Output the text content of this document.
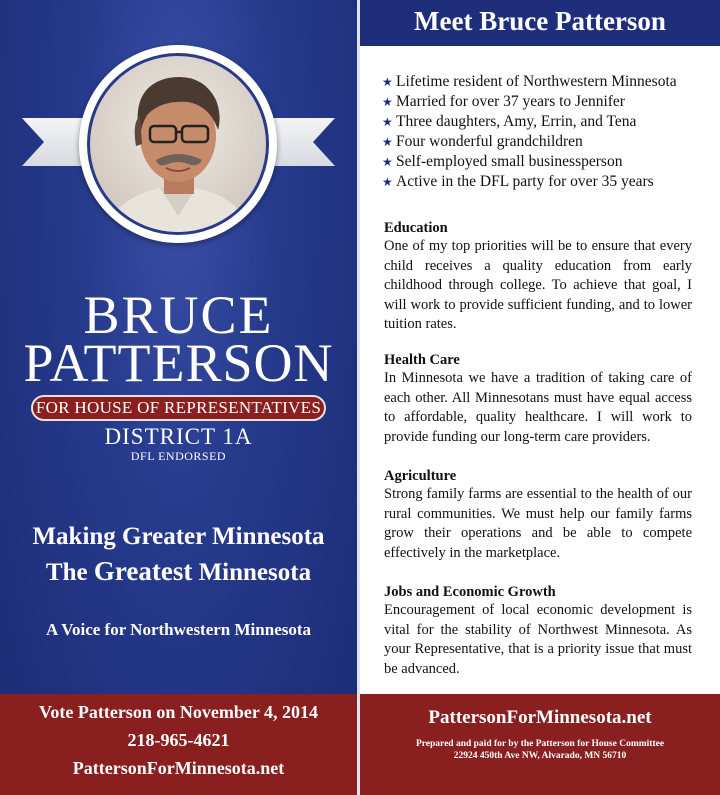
BRUCE
PATTERSON
FOR HOUSE OF REPRESENTATIVES
DISTRICT 1A
DFL ENDORSED
Making Greater Minnesota
The Greatest Minnesota
A Voice for Northwestern Minnesota
Vote Patterson on November 4, 2014
218-965-4621
PattersonForMinnesota.net
Meet Bruce Patterson
★ Lifetime resident of Northwestern Minnesota
★ Married for over 37 years to Jennifer
★ Three daughters, Amy, Errin, and Tena
★ Four wonderful grandchildren
★ Self-employed small businessperson
★ Active in the DFL party for over 35 years
Education

One of my top priorities will be to ensure that every child receives a quality education from early childhood through college. To achieve that goal, I will work to provide sufficient funding, and to lower tuition rates.

Health Care

In Minnesota we have a tradition of taking care of each other. All Minnesotans must have equal access to affordable, quality healthcare. I will work to provide funding our long-term care providers.

Agriculture

Strong family farms are essential to the health of our rural communities. We must help our family farms grow their operations and be able to compete effectively in the marketplace.

Jobs and Economic Growth

Encouragement of local economic development is vital for the stability of Northwest Minnesota. As your Representative, that is a priority issue that must be advanced.

PattersonForMinnesota.net
Prepared and paid for by the Patterson for House Committee
22924 450th Ave NW, Alvarado, MN 56710
